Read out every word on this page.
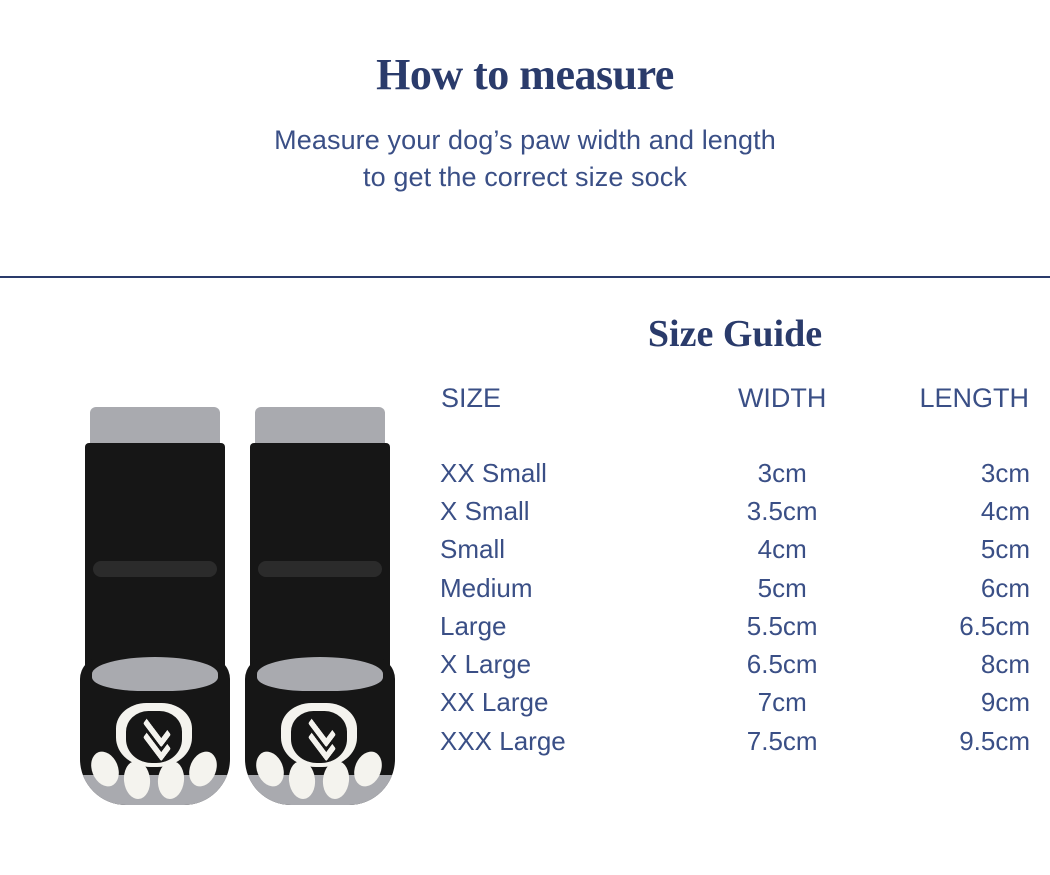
How to measure
Measure your dog’s paw width and length
to get the correct size sock
Size Guide
SIZE	WIDTH	LENGTH
XX Small	3cm	3cm
X Small	3.5cm	4cm
Small	4cm	5cm
Medium	5cm	6cm
Large	5.5cm	6.5cm
X Large	6.5cm	8cm
XX Large	7cm	9cm
XXX Large	7.5cm	9.5cm
